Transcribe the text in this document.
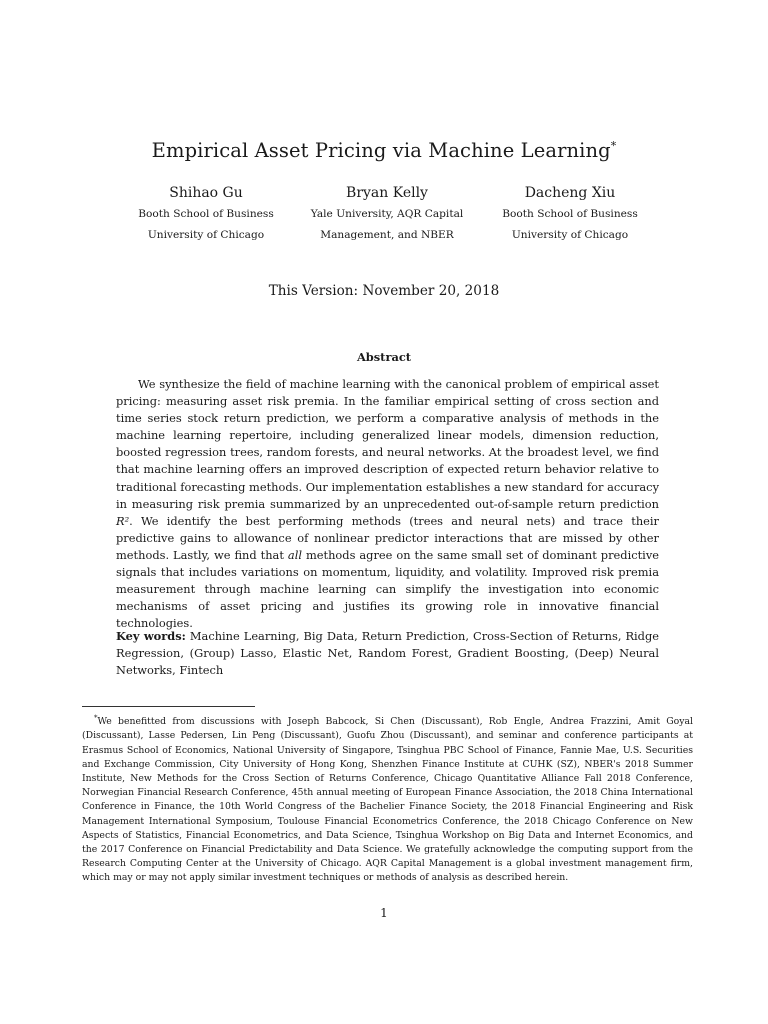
Empirical Asset Pricing via Machine Learning*
Shihao Gu
Booth School of Business
University of Chicago
Bryan Kelly
Yale University, AQR Capital
Management, and NBER
Dacheng Xiu
Booth School of Business
University of Chicago
This Version: November 20, 2018
Abstract

We synthesize the field of machine learning with the canonical problem of empirical asset pricing: measuring asset risk premia. In the familiar empirical setting of cross section and time series stock return prediction, we perform a comparative analysis of methods in the machine learning repertoire, including generalized linear models, dimension reduction, boosted regression trees, random forests, and neural networks. At the broadest level, we find that machine learning offers an improved description of expected return behavior relative to traditional forecasting methods. Our implementation establishes a new standard for accuracy in measuring risk premia summarized by an unprecedented out-of-sample return prediction R². We identify the best performing methods (trees and neural nets) and trace their predictive gains to allowance of nonlinear predictor interactions that are missed by other methods. Lastly, we find that all methods agree on the same small set of dominant predictive signals that includes variations on momentum, liquidity, and volatility. Improved risk premia measurement through machine learning can simplify the investigation into economic mechanisms of asset pricing and justifies its growing role in innovative financial technologies.

Key words: Machine Learning, Big Data, Return Prediction, Cross-Section of Returns, Ridge Regression, (Group) Lasso, Elastic Net, Random Forest, Gradient Boosting, (Deep) Neural Networks, Fintech

*We benefitted from discussions with Joseph Babcock, Si Chen (Discussant), Rob Engle, Andrea Frazzini, Amit Goyal (Discussant), Lasse Pedersen, Lin Peng (Discussant), Guofu Zhou (Discussant), and seminar and conference participants at Erasmus School of Economics, National University of Singapore, Tsinghua PBC School of Finance, Fannie Mae, U.S. Securities and Exchange Commission, City University of Hong Kong, Shenzhen Finance Institute at CUHK (SZ), NBER's 2018 Summer Institute, New Methods for the Cross Section of Returns Conference, Chicago Quantitative Alliance Fall 2018 Conference, Norwegian Financial Research Conference, 45th annual meeting of European Finance Association, the 2018 China International Conference in Finance, the 10th World Congress of the Bachelier Finance Society, the 2018 Financial Engineering and Risk Management International Symposium, Toulouse Financial Econometrics Conference, the 2018 Chicago Conference on New Aspects of Statistics, Financial Econometrics, and Data Science, Tsinghua Workshop on Big Data and Internet Economics, and the 2017 Conference on Financial Predictability and Data Science. We gratefully acknowledge the computing support from the Research Computing Center at the University of Chicago. AQR Capital Management is a global investment management firm, which may or may not apply similar investment techniques or methods of analysis as described herein.

1
